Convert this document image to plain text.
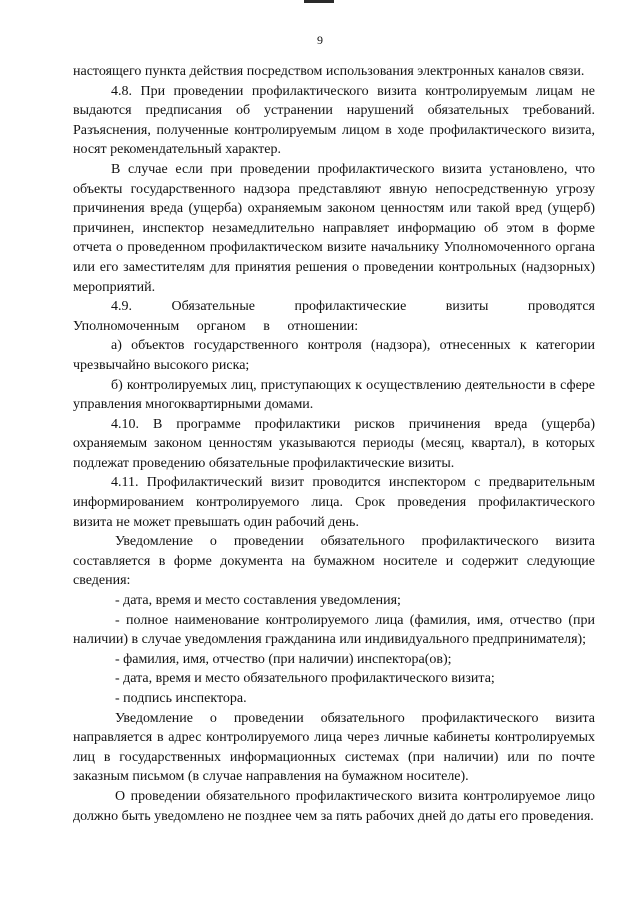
9

настоящего пункта действия посредством использования электронных каналов связи.

4.8. При проведении профилактического визита контролируемым лицам не выдаются предписания об устранении нарушений обязательных требований. Разъяснения, полученные контролируемым лицом в ходе профилактического визита, носят рекомендательный характер.

В случае если при проведении профилактического визита установлено, что объекты государственного надзора представляют явную непосредственную угрозу причинения вреда (ущерба) охраняемым законом ценностям или такой вред (ущерб) причинен, инспектор незамедлительно направляет информацию об этом в форме отчета о проведенном профилактическом визите начальнику Уполномоченного органа или его заместителям для принятия решения о проведении контрольных (надзорных) мероприятий.

4.9. Обязательные профилактические визиты проводятся Уполномоченным органом в отношении:

а) объектов государственного контроля (надзора), отнесенных к категории чрезвычайно высокого риска;

б) контролируемых лиц, приступающих к осуществлению деятельности в сфере управления многоквартирными домами.

4.10. В программе профилактики рисков причинения вреда (ущерба) охраняемым законом ценностям указываются периоды (месяц, квартал), в которых подлежат проведению обязательные профилактические визиты.

4.11. Профилактический визит проводится инспектором с предварительным информированием контролируемого лица. Срок проведения профилактического визита не может превышать один рабочий день.

Уведомление о проведении обязательного профилактического визита составляется в форме документа на бумажном носителе и содержит следующие сведения:

- дата, время и место составления уведомления;

- полное наименование контролируемого лица (фамилия, имя, отчество (при наличии) в случае уведомления гражданина или индивидуального предпринимателя);

- фамилия, имя, отчество (при наличии) инспектора(ов);

- дата, время и место обязательного профилактического визита;

- подпись инспектора.

Уведомление о проведении обязательного профилактического визита направляется в адрес контролируемого лица через личные кабинеты контролируемых лиц в государственных информационных системах (при наличии) или по почте заказным письмом (в случае направления на бумажном носителе).

О проведении обязательного профилактического визита контролируемое лицо должно быть уведомлено не позднее чем за пять рабочих дней до даты его проведения.
